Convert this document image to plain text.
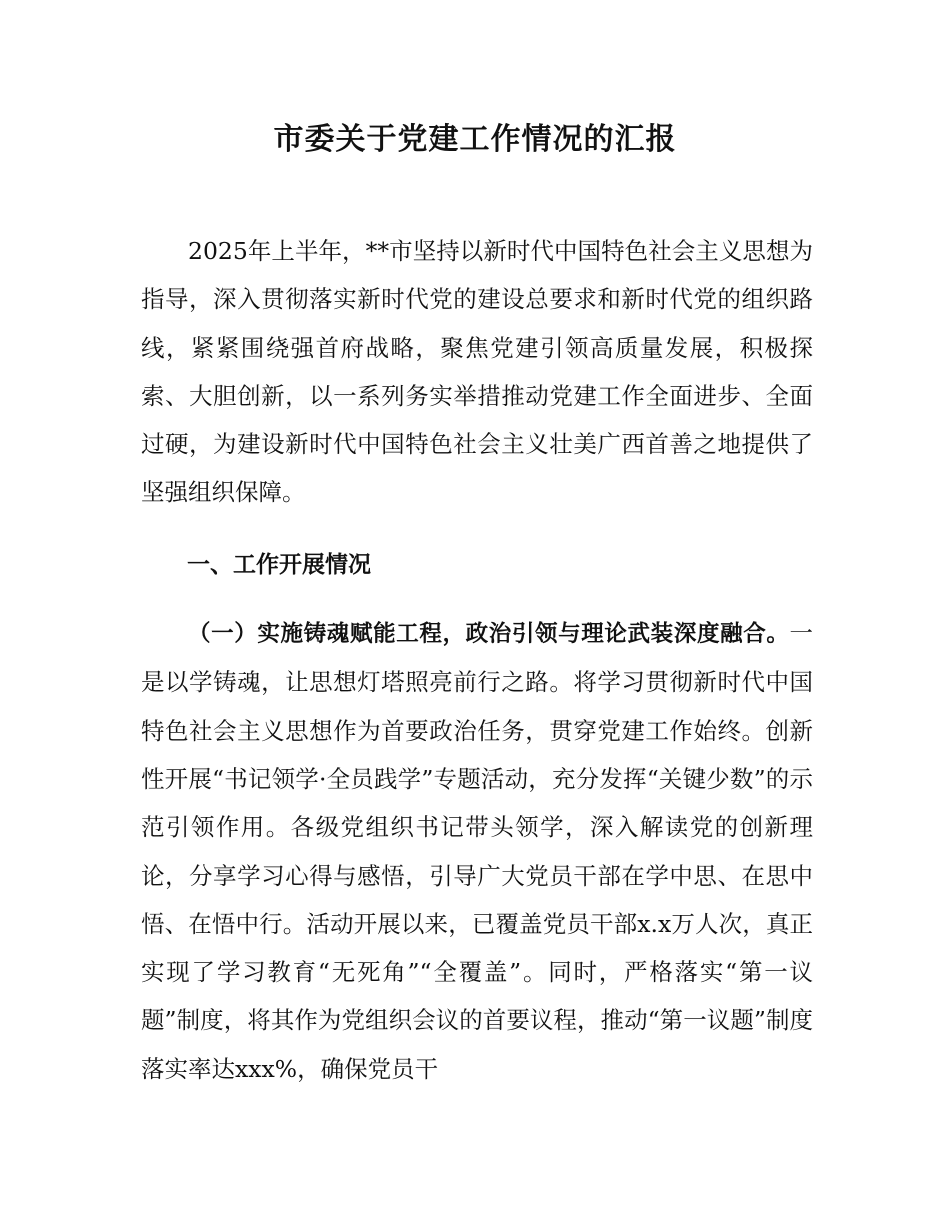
市委关于党建工作情况的汇报

2025年上半年，**市坚持以新时代中国特色社会主义思想为指导，深入贯彻落实新时代党的建设总要求和新时代党的组织路线，紧紧围绕强首府战略，聚焦党建引领高质量发展，积极探索、大胆创新，以一系列务实举措推动党建工作全面进步、全面过硬，为建设新时代中国特色社会主义壮美广西首善之地提供了坚强组织保障。

一、工作开展情况

（一）实施铸魂赋能工程，政治引领与理论武装深度融合。一是以学铸魂，让思想灯塔照亮前行之路。将学习贯彻新时代中国特色社会主义思想作为首要政治任务，贯穿党建工作始终。创新性开展“书记领学·全员践学”专题活动，充分发挥“关键少数”的示范引领作用。各级党组织书记带头领学，深入解读党的创新理论，分享学习心得与感悟，引导广大党员干部在学中思、在思中悟、在悟中行。活动开展以来，已覆盖党员干部x.x万人次，真正实现了学习教育“无死角”“全覆盖”。同时，严格落实“第一议题”制度，将其作为党组织会议的首要议程，推动“第一议题”制度落实率达xxx%，确保党员干
